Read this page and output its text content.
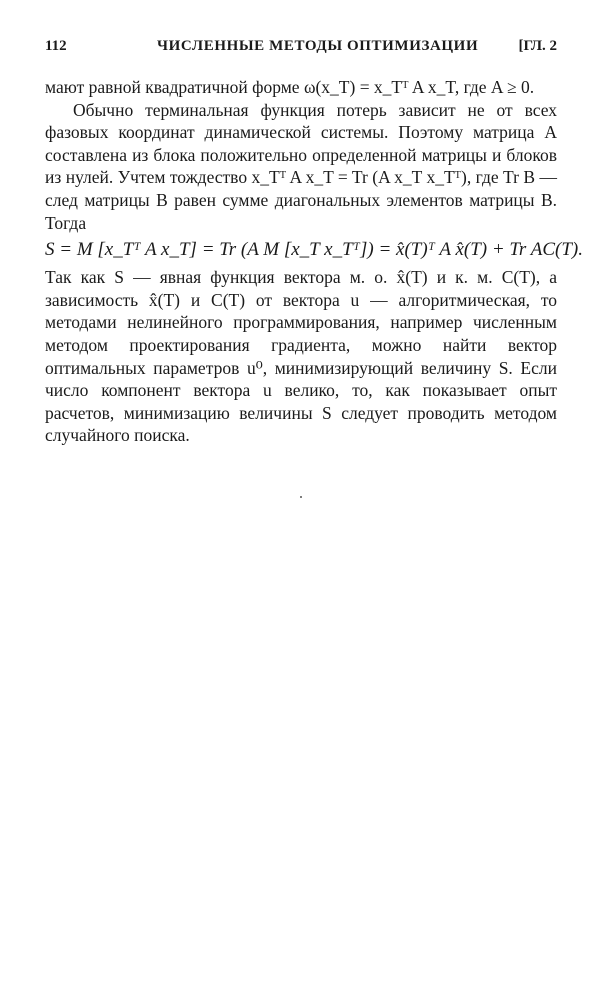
112	ЧИСЛЕННЫЕ МЕТОДЫ ОПТИМИЗАЦИИ	[ГЛ. 2

мают равной квадратичной форме ω(x_T) = x_Tᵀ A x_T, где A ≥ 0.

Обычно терминальная функция потерь зависит не от всех фазовых координат динамической системы. Поэтому матрица A составлена из блока положительно определенной матрицы и блоков из нулей. Учтем тождество x_Tᵀ A x_T = Tr (A x_T x_Tᵀ), где Tr B — след матрицы B равен сумме диагональных элементов матрицы B. Тогда

S = M [x_Tᵀ A x_T] = Tr (A M [x_T x_Tᵀ]) = x̂(T)ᵀ A x̂(T) + Tr AC(T).

Так как S — явная функция вектора м. о. x̂(T) и к. м. C(T), а зависимость x̂(T) и C(T) от вектора u — алгоритмическая, то методами нелинейного программирования, например численным методом проектирования градиента, можно найти вектор оптимальных параметров u⁰, минимизирующий величину S. Если число компонент вектора u велико, то, как показывает опыт расчетов, минимизацию величины S следует проводить методом случайного поиска.
